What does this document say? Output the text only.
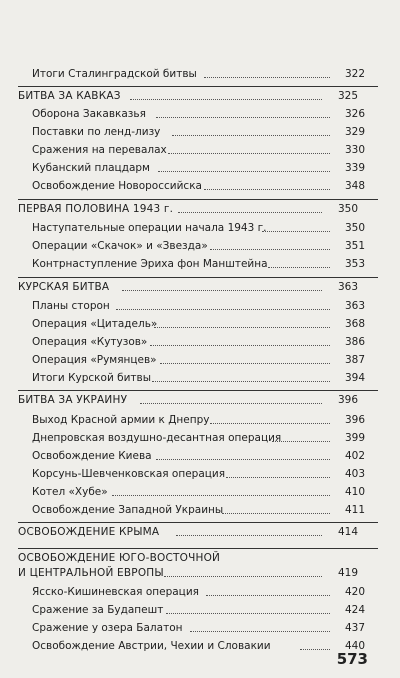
Итоги Сталинградской битвы	322
БИТВА ЗА КАВКАЗ	325
Оборона Закавказья	326
Поставки по ленд-лизу	329
Сражения на перевалах	330
Кубанский плацдарм	339
Освобождение Новороссийска	348
ПЕРВАЯ ПОЛОВИНА 1943 г.	350
Наступательные операции начала 1943 г.	350
Операции «Скачок» и «Звезда»	351
Контрнаступление Эриха фон Манштейна	353
КУРСКАЯ БИТВА	363
Планы сторон	363
Операция «Цитадель»	368
Операция «Кутузов»	386
Операция «Румянцев»	387
Итоги Курской битвы	394
БИТВА ЗА УКРАИНУ	396
Выход Красной армии к Днепру	396
Днепровская воздушно-десантная операция	399
Освобождение Киева	402
Корсунь-Шевченковская операция	403
Котел «Хубе»	410
Освобождение Западной Украины	411
ОСВОБОЖДЕНИЕ КРЫМА	414
ОСВОБОЖДЕНИЕ ЮГО-ВОСТОЧНОЙ
И ЦЕНТРАЛЬНОЙ ЕВРОПЫ	419
Ясско-Кишиневская операция	420
Сражение за Будапешт	424
Сражение у озера Балатон	437
Освобождение Австрии, Чехии и Словакии	440
573
